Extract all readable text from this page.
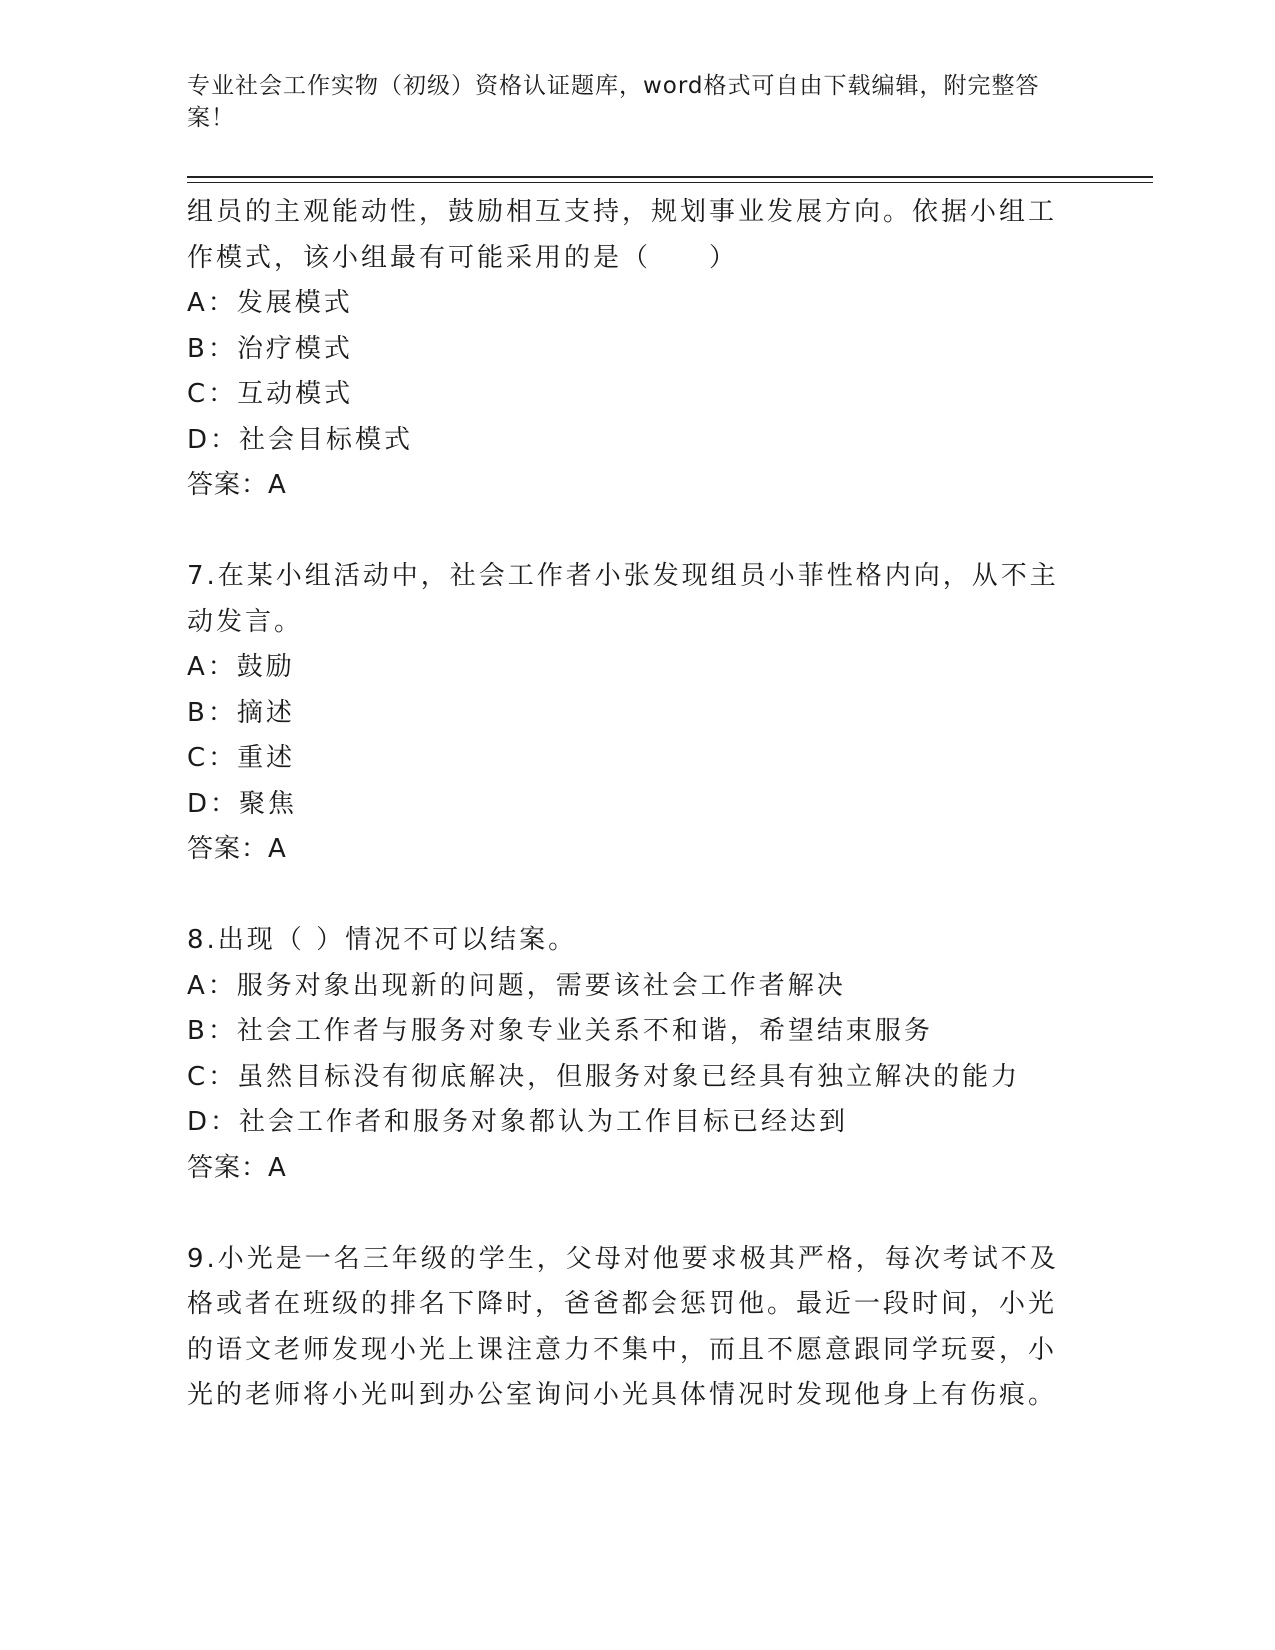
专业社会工作实物（初级）资格认证题库，word格式可自由下载编辑，附完整答
案！
组员的主观能动性，鼓励相互支持，规划事业发展方向。依据小组工
作模式，该小组最有可能采用的是（　　）
A：发展模式
B：治疗模式
C：互动模式
D：社会目标模式
答案：A
7.在某小组活动中，社会工作者小张发现组员小菲性格内向，从不主
动发言。
A：鼓励
B：摘述
C：重述
D：聚焦
答案：A
8.出现（ ）情况不可以结案。
A：服务对象出现新的问题，需要该社会工作者解决
B：社会工作者与服务对象专业关系不和谐，希望结束服务
C：虽然目标没有彻底解决，但服务对象已经具有独立解决的能力
D：社会工作者和服务对象都认为工作目标已经达到
答案：A
9.小光是一名三年级的学生，父母对他要求极其严格，每次考试不及
格或者在班级的排名下降时，爸爸都会惩罚他。最近一段时间，小光
的语文老师发现小光上课注意力不集中，而且不愿意跟同学玩耍，小
光的老师将小光叫到办公室询问小光具体情况时发现他身上有伤痕。
